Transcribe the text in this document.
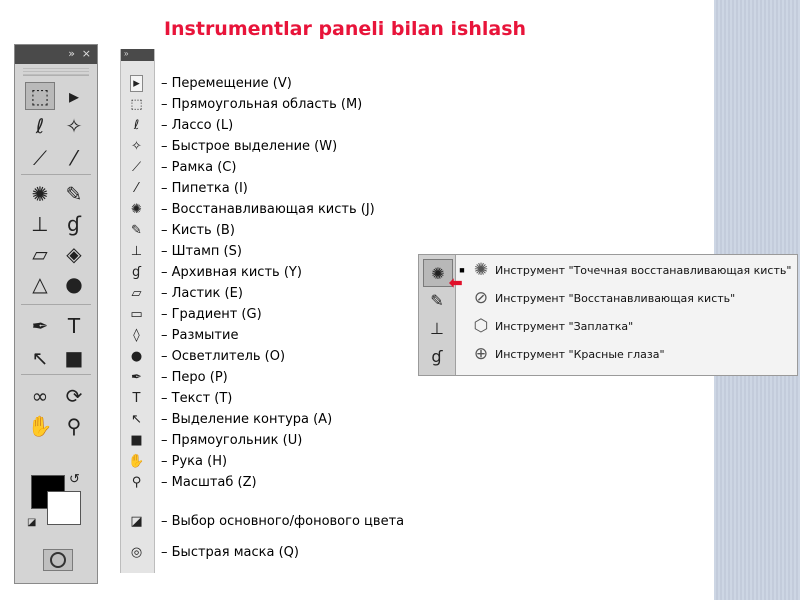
Instrumentlar paneli bilan ishlash
» ×
⬚ ▸
ℓ	✧
⟋	⁄
✺ ✎
⊥ ɠ
▱ ◈
△ ●
✒ T
↖ ■
∞ ⟳
✋ ⚲
↺
◪
»
▸	– Перемещение (V)
⬚	– Прямоугольная область (M)
ℓ	– Лассо (L)
✧	– Быстрое выделение (W)
⟋	– Рамка (C)
⁄	– Пипетка (I)
✺	– Восстанавливающая кисть (J)
✎	– Кисть (B)
⊥	– Штамп (S)
ɠ	– Архивная кисть (Y)
▱	– Ластик (E)
▭	– Градиент (G)
◊	– Размытие
●	– Осветлитель (O)
✒	– Перо (P)
T	– Текст (T)
↖	– Выделение контура (A)
■	– Прямоугольник (U)
✋	– Рука (H)
⚲	– Масштаб (Z)
◪	– Выбор основного/фонового цвета
◎	– Быстрая маска (Q)
✺
✎
⊥
ɠ
⬅
■ ✺ Инструмент "Точечная восстанавливающая кисть"
⊘ Инструмент "Восстанавливающая кисть"
⬡ Инструмент "Заплатка"
⊕ Инструмент "Красные глаза"
